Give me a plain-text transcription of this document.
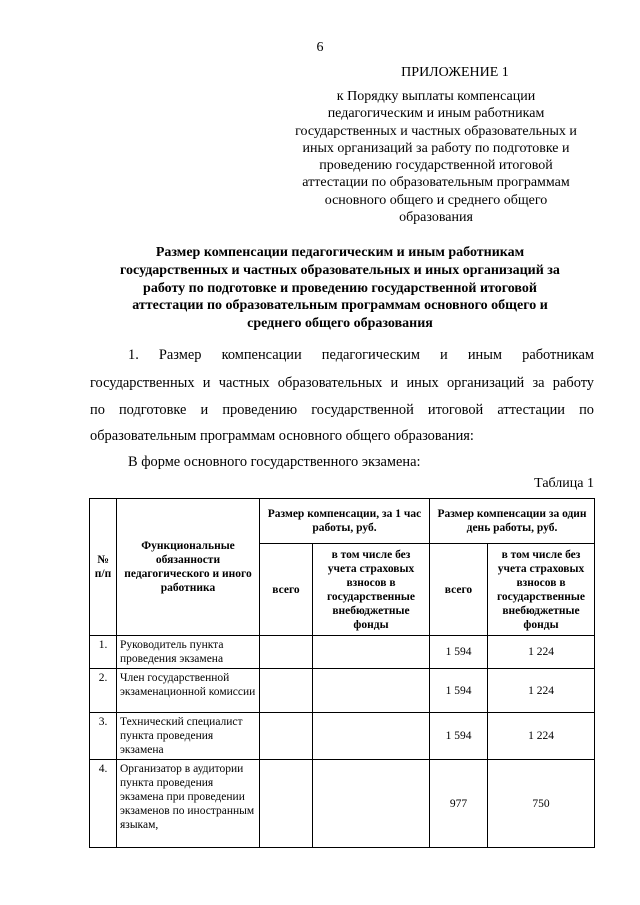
6
ПРИЛОЖЕНИЕ 1
к Порядку выплаты компенсации
педагогическим и иным работникам
государственных и частных образовательных и
иных организаций за работу по подготовке и
проведению государственной итоговой
аттестации по образовательным программам
основного общего и среднего общего
образования
Размер компенсации педагогическим и иным работникам
государственных и частных образовательных и иных организаций за
работу по подготовке и проведению государственной итоговой
аттестации по образовательным программам основного общего и
среднего общего образования
1. Размер компенсации педагогическим и иным работникам
государственных и частных образовательных и иных организаций за работу
по подготовке и проведению государственной итоговой аттестации по
образовательным программам основного общего образования:
В форме основного государственного экзамена:
Таблица 1
№ п/п	Функциональные обязанности педагогического и иного работника	Размер компенсации, за 1 час работы, руб.		Размер компенсации за один день работы, руб.	
		всего	в том числе без учета страховых взносов в государственные внебюджетные фонды	всего	в том числе без учета страховых взносов в государственные внебюджетные фонды
1.	Руководитель пункта проведения экзамена			1 594	1 224
2.	Член государственной экзаменационной комиссии			1 594	1 224
3.	Технический специалист пункта проведения экзамена			1 594	1 224
4.	Организатор в аудитории пункта проведения экзамена при проведении экзаменов по иностранным языкам,			977	750
